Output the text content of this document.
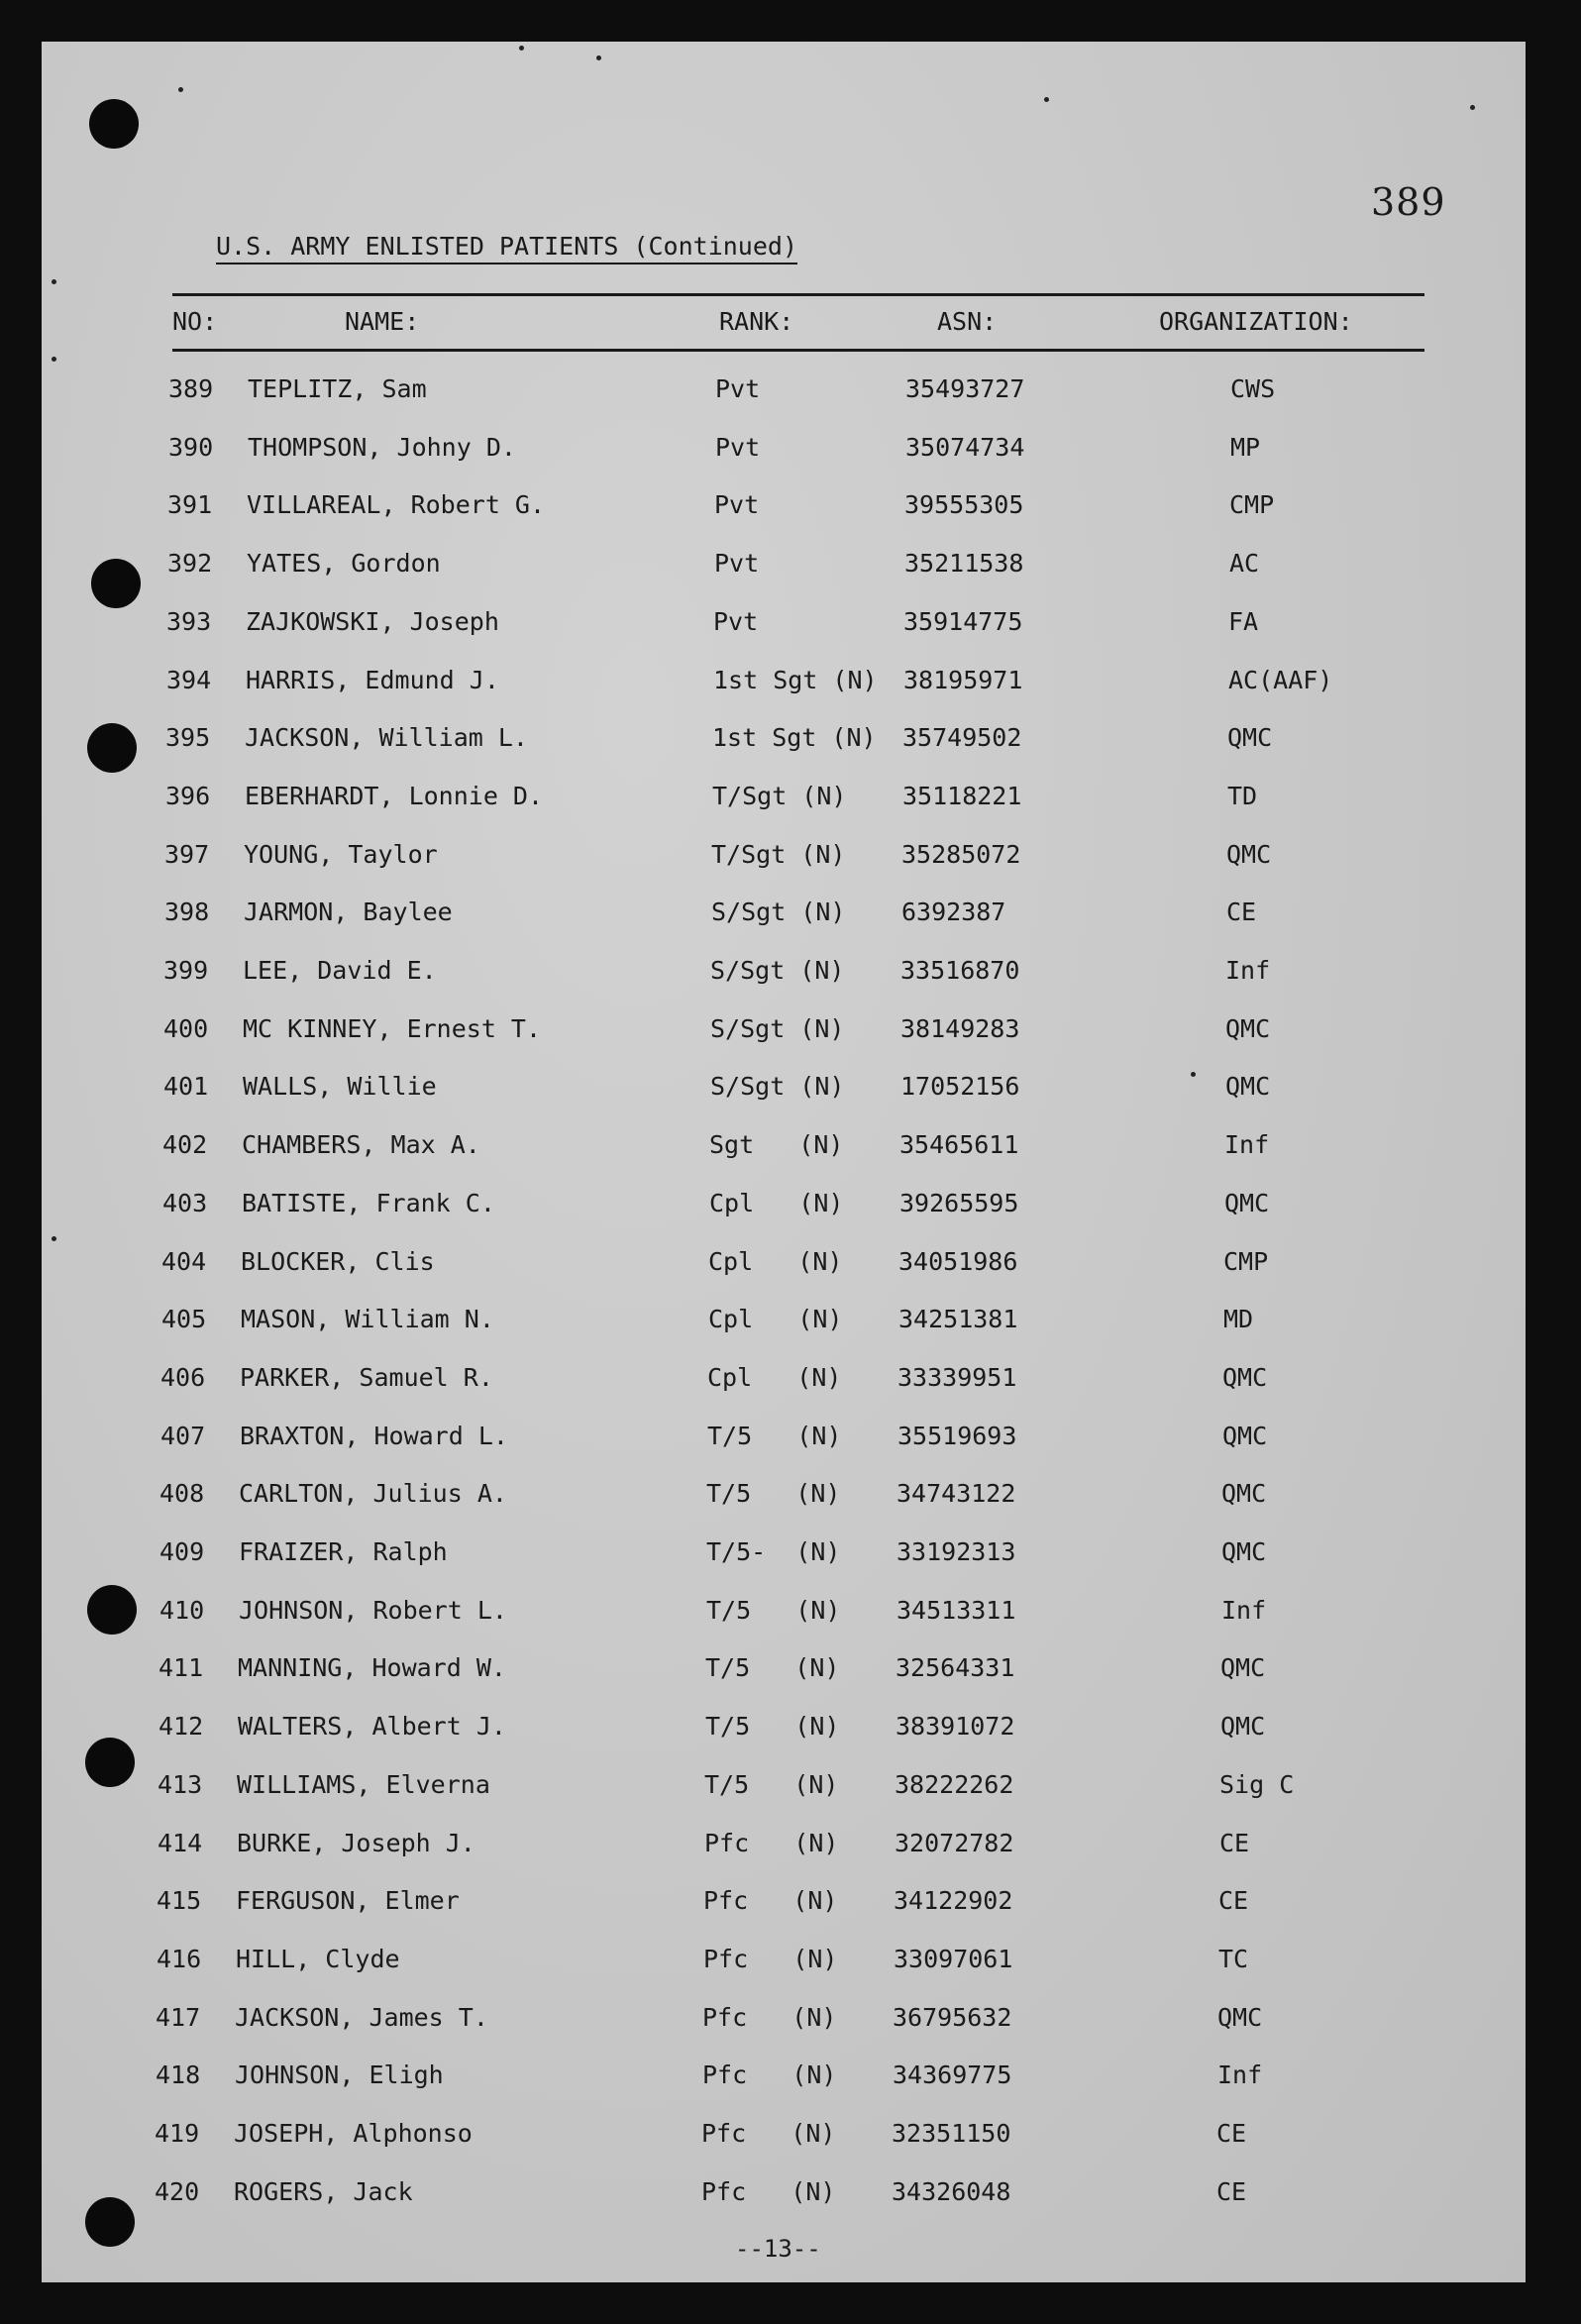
389
U.S. ARMY ENLISTED PATIENTS (Continued)
NO:	NAME:	RANK:	ASN:	ORGANIZATION:
389 TEPLITZ, Sam	Pvt	35493727	CWS
390 THOMPSON, Johny D.	Pvt	35074734	MP
391 VILLAREAL, Robert G.	Pvt	39555305	CMP
392 YATES, Gordon	Pvt	35211538	AC
393 ZAJKOWSKI, Joseph	Pvt	35914775	FA
394 HARRIS, Edmund J.	1st Sgt (N) 38195971	AC(AAF)
395 JACKSON, William L.	1st Sgt (N) 35749502	QMC
396 EBERHARDT, Lonnie D.	T/Sgt (N) 35118221	TD
397 YOUNG, Taylor	T/Sgt (N) 35285072	QMC
398 JARMON, Baylee	S/Sgt (N) 6392387	CE
399 LEE, David E.	S/Sgt (N) 33516870	Inf
400 MC KINNEY, Ernest T.	S/Sgt (N) 38149283	QMC
401 WALLS, Willie	S/Sgt (N) 17052156	QMC
402 CHAMBERS, Max A.	Sgt   (N) 35465611	Inf
403 BATISTE, Frank C.	Cpl   (N) 39265595	QMC
404 BLOCKER, Clis	Cpl   (N) 34051986	CMP
405 MASON, William N.	Cpl   (N) 34251381	MD
406 PARKER, Samuel R.	Cpl   (N) 33339951	QMC
407 BRAXTON, Howard L.	T/5   (N) 35519693	QMC
408 CARLTON, Julius A.	T/5   (N) 34743122	QMC
409 FRAIZER, Ralph	T/5-  (N) 33192313	QMC
410 JOHNSON, Robert L.	T/5   (N) 34513311	Inf
411 MANNING, Howard W.	T/5   (N) 32564331	QMC
412 WALTERS, Albert J.	T/5   (N) 38391072	QMC
413 WILLIAMS, Elverna	T/5   (N) 38222262	Sig C
414 BURKE, Joseph J.	Pfc   (N) 32072782	CE
415 FERGUSON, Elmer	Pfc   (N) 34122902	CE
416 HILL, Clyde	Pfc   (N) 33097061	TC
417 JACKSON, James T.	Pfc   (N) 36795632	QMC
418 JOHNSON, Eligh	Pfc   (N) 34369775	Inf
419 JOSEPH, Alphonso	Pfc   (N) 32351150	CE
420 ROGERS, Jack	Pfc   (N) 34326048	CE
--13--
